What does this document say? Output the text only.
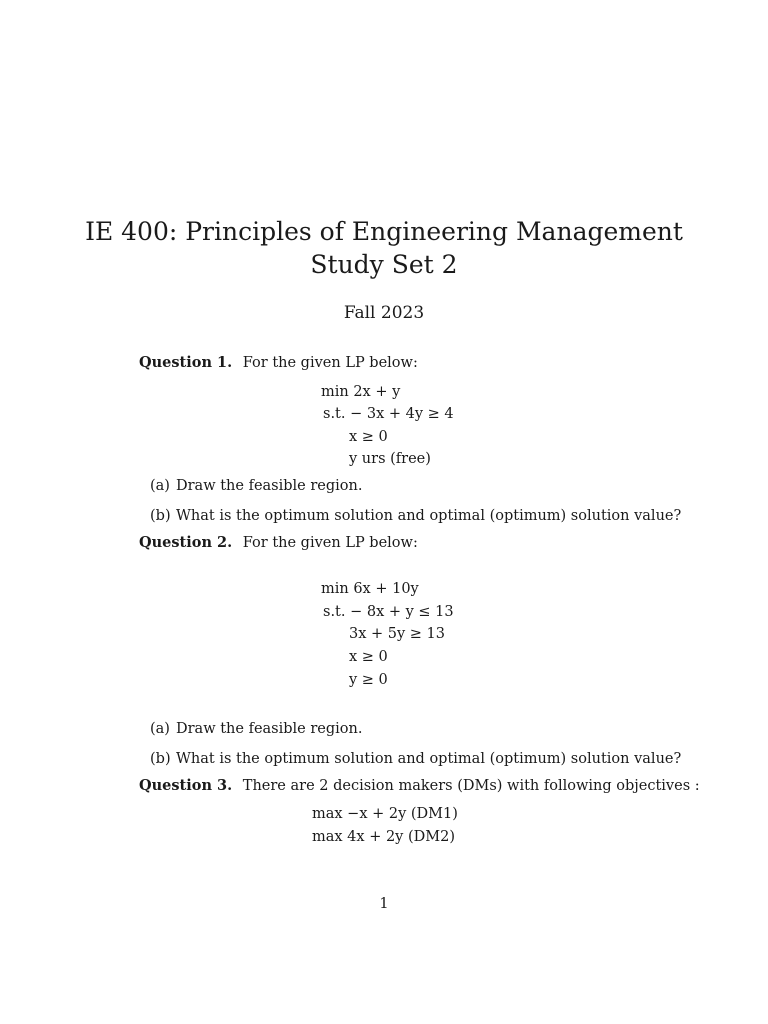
IE 400: Principles of Engineering Management
Study Set 2
Fall 2023
Question 1. For the given LP below:
min 2x + y
s.t. − 3x + 4y ≥ 4
x ≥ 0
y urs (free)
(a) Draw the feasible region.
(b) What is the optimum solution and optimal (optimum) solution value?
Question 2. For the given LP below:
min 6x + 10y
s.t. − 8x + y ≤ 13
3x + 5y ≥ 13
x ≥ 0
y ≥ 0
(a) Draw the feasible region.
(b) What is the optimum solution and optimal (optimum) solution value?
Question 3. There are 2 decision makers (DMs) with following objectives :
max −x + 2y (DM1)
max 4x + 2y (DM2)
1
